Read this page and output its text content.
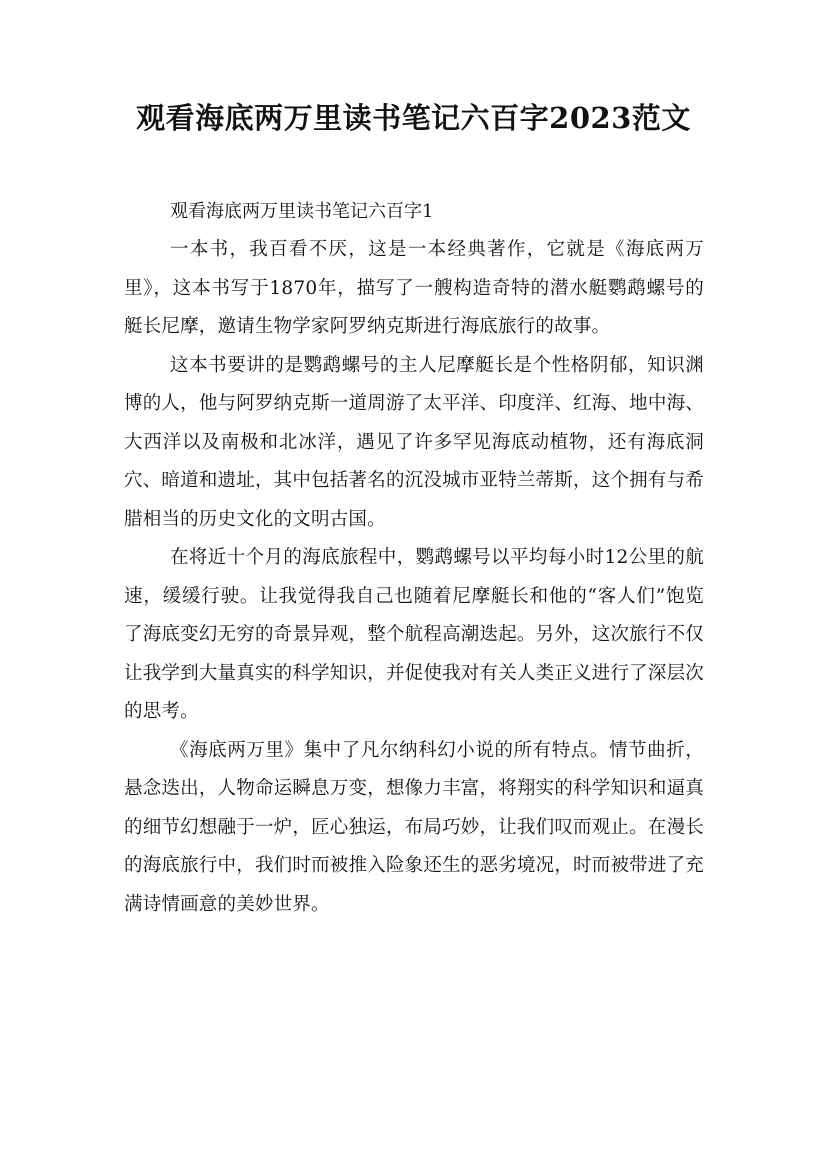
观看海底两万里读书笔记六百字2023范文

观看海底两万里读书笔记六百字1

一本书，我百看不厌，这是一本经典著作，它就是《海底两万里》，这本书写于1870年，描写了一艘构造奇特的潜水艇鹦鹉螺号的艇长尼摩，邀请生物学家阿罗纳克斯进行海底旅行的故事。

这本书要讲的是鹦鹉螺号的主人尼摩艇长是个性格阴郁，知识渊博的人，他与阿罗纳克斯一道周游了太平洋、印度洋、红海、地中海、大西洋以及南极和北冰洋，遇见了许多罕见海底动植物，还有海底洞穴、暗道和遗址，其中包括著名的沉没城市亚特兰蒂斯，这个拥有与希腊相当的历史文化的文明古国。

在将近十个月的海底旅程中，鹦鹉螺号以平均每小时12公里的航速，缓缓行驶。让我觉得我自己也随着尼摩艇长和他的“客人们”饱览了海底变幻无穷的奇景异观，整个航程高潮迭起。另外，这次旅行不仅让我学到大量真实的科学知识，并促使我对有关人类正义进行了深层次的思考。

《海底两万里》集中了凡尔纳科幻小说的所有特点。情节曲折，悬念迭出，人物命运瞬息万变，想像力丰富，将翔实的科学知识和逼真的细节幻想融于一炉，匠心独运，布局巧妙，让我们叹而观止。在漫长的海底旅行中，我们时而被推入险象还生的恶劣境况，时而被带进了充满诗情画意的美妙世界。
